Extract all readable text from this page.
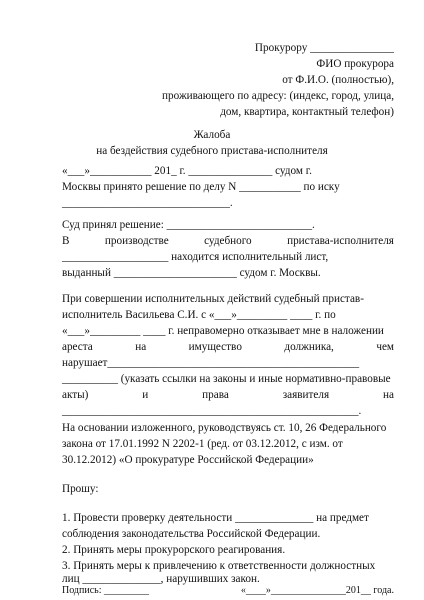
Прокурору _______________
ФИО прокурора
от Ф.И.О. (полностью),
проживающего по адресу: (индекс, город, улица,
дом, квартира, контактный телефон)
Жалоба
на бездействия судебного пристава-исполнителя
«___»___________ 201_ г. _______________ судом г.
Москвы принято решение по делу N ___________ по иску
______________________________.
Суд принял решение: __________________________.
В	производстве	судебного	пристава-исполнителя
___________________ находится исполнительный лист,
выданный ______________________ судом г. Москвы.
При совершении исполнительных действий судебный пристав-
исполнитель Васильева С.И. с «___»_________ ____ г. по
«___»_________ ____ г. неправомерно отказывает мне в наложении
ареста	на	имуществo	должника,	чем
нарушает_____________________________________________
__________ (указать ссылки на законы и иные нормативно-правовые
акты)	и	права	заявителя	на
_____________________________________________________.
На основании изложенного, руководствуясь ст. 10, 26 Федерального
закона от 17.01.1992 N 2202-1 (ред. от 03.12.2012, с изм. от
30.12.2012) «О прокуратуре Российской Федерации»
Прошу:
1. Провести проверку деятельности ______________ на предмет
соблюдения законодательства Российской Федерации.
2. Принять меры прокурорского реагирования.
3. Принять меры к привлечению к ответственности должностных
лиц ______________, нарушивших закон.
Подпись: _________	«____»_______________201__ года.
